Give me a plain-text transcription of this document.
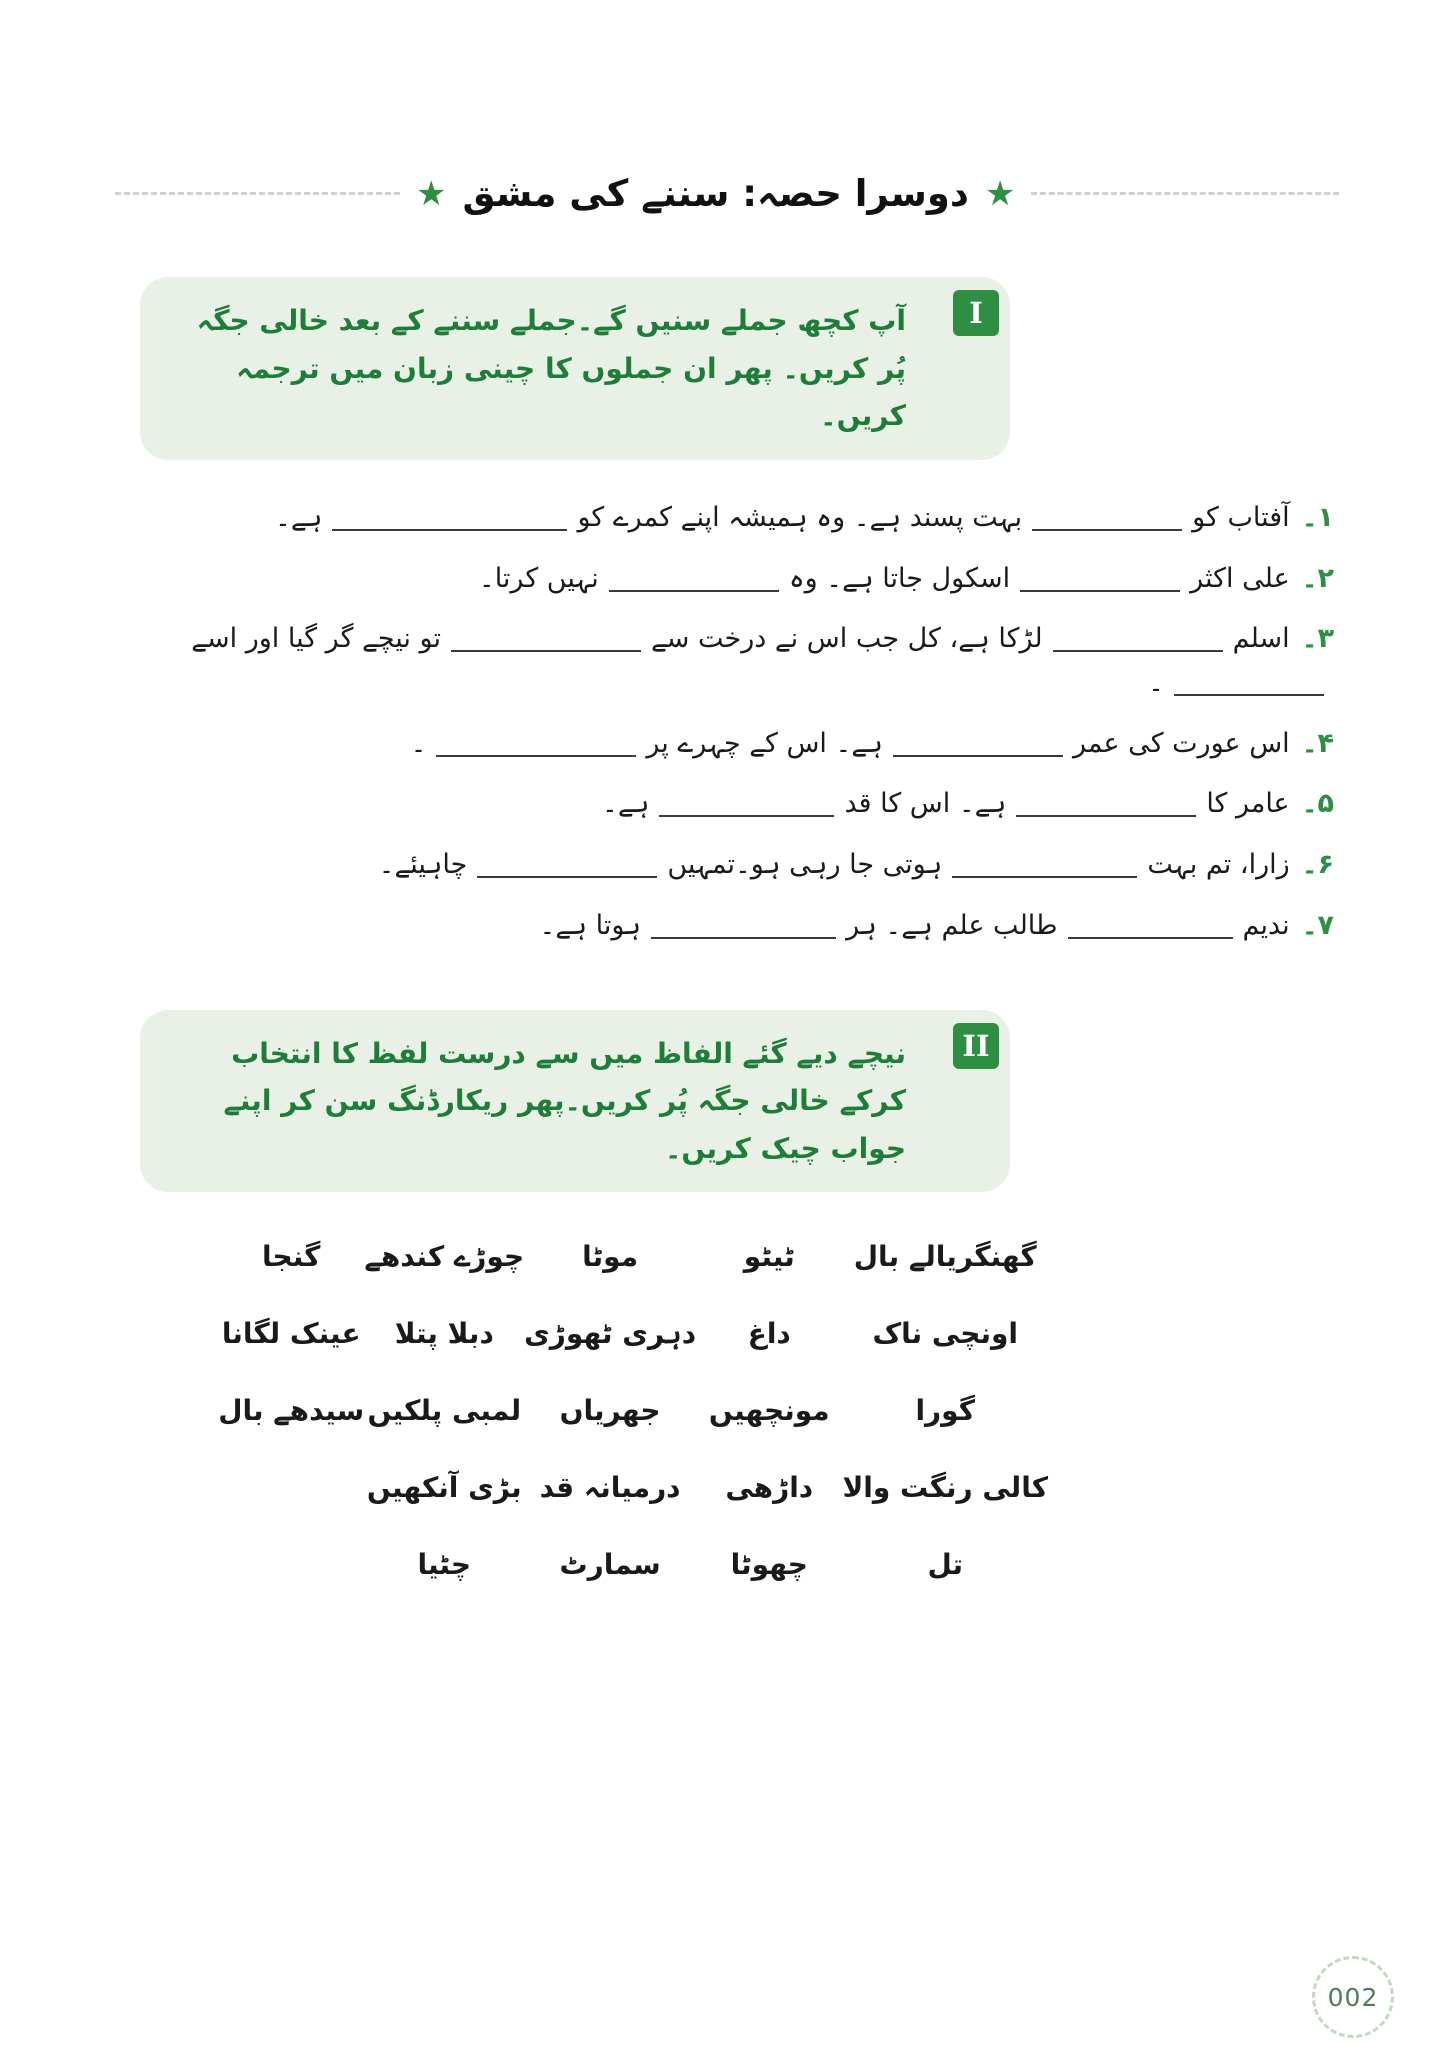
★ دوسرا حصہ: سننے کی مشق ★
I

آپ کچھ جملے سنیں گے۔جملے سننے کے بعد خالی جگہ پُر کریں۔ پھر ان جملوں کا چینی زبان میں ترجمہ کریں۔

۱۔آفتاب کوبہت پسند ہے۔ وہ ہمیشہ اپنے کمرے کوہے۔
۲۔علی اکثراسکول جاتا ہے۔ وہنہیں کرتا۔
۳۔اسلملڑکا ہے، کل جب اس نے درخت سےتو نیچے گر گیا اور اسے۔
۴۔اس عورت کی عمرہے۔ اس کے چہرے پر۔
۵۔عامر کاہے۔ اس کا قدہے۔
۶۔زارا، تم بہتہوتی جا رہی ہو۔تمہیںچاہیئے۔
۷۔ندیمطالب علم ہے۔ ہرہوتا ہے۔
II

نیچے دیے گئے الفاظ میں سے درست لفظ کا انتخاب کرکے خالی جگہ پُر کریں۔پھر ریکارڈنگ سن کر اپنے جواب چیک کریں۔

گھنگریالے بال
ٹیٹو
موٹا
چوڑے کندھے
گنجا
اونچی ناک
داغ
دہری ٹھوڑی
دبلا پتلا
عینک لگانا
گورا
مونچھیں
جھریاں
لمبی پلکیں
سیدھے بال
کالی رنگت والا
داڑھی
درمیانہ قد
بڑی آنکھیں
تل
چھوٹا
سمارٹ
چٹیا
002
